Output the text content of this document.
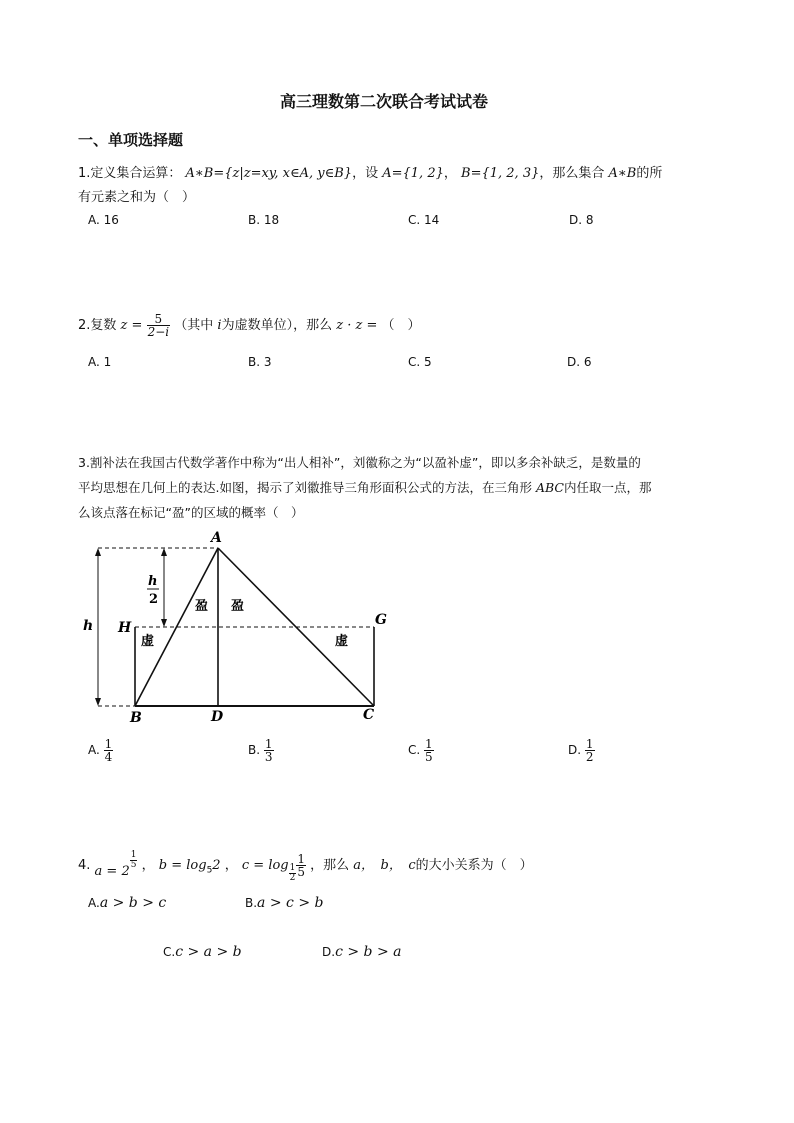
高三理数第二次联合考试试卷
一、单项选择题
1.定义集合运算： A∗B={z|z=xy, x∈A, y∈B}，设 A={1, 2}， B={1, 2, 3}，那么集合 A∗B的所
有元素之和为（　）
A. 16	B. 18	C. 14	D. 8
2.复数 $z = \frac{5}{2-i}$ （其中 i为虚数单位），那么 z · z = （　）
A. 1	B. 3	C. 5	D. 6
3.割补法在我国古代数学著作中称为“出人相补”，刘徽称之为“以盈补虚”，即以多余补缺乏，是数量的
平均思想在几何上的表达.如图，揭示了刘徽推导三角形面积公式的方法，在三角形 ABC内任取一点，那
么该点落在标记“盈”的区域的概率（　）
A
B	C
D
G
H
h
h
2	盈 盈
虚	虚
A. $\frac{1}{4}$	B. $\frac{1}{3}$	C. $\frac{1}{5}$	D. $\frac{1}{2}$
4. a = 2
$\frac{1}{5}$ ， $b = \log_52$ ， $c = \log \frac{1}{2} \frac{1}{5}$ ，那么 a，　b，　c的大小关系为（　）
A.a > b > c	B.a > c > b
C.c > a > b	D.c > b > a
